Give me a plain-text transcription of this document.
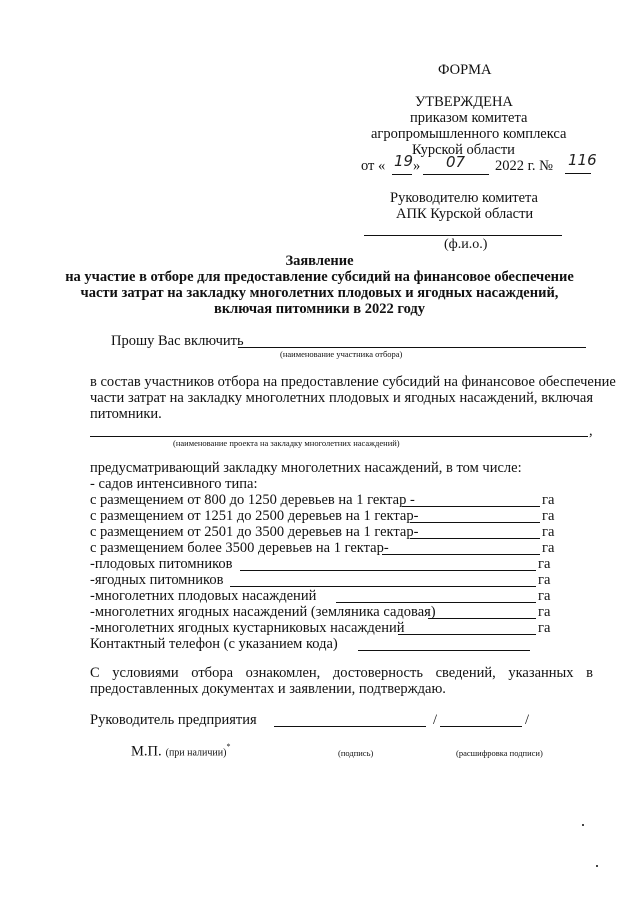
ФОРМА
УТВЕРЖДЕНА
приказом комитета
агропромышленного комплекса
Курской области
от « 19 » 07 2022 г. № 116
Руководителю комитета
АПК Курской области
(ф.и.о.)
Заявление
на участие в отборе для предоставление субсидий на финансовое обеспечение
части затрат на закладку многолетних плодовых и ягодных насаждений,
включая питомники в 2022 году
Прошу Вас включить
(наименование участника отбора)
в состав участников отбора на предоставление субсидий на финансовое обеспечение
части затрат на закладку многолетних плодовых и ягодных насаждений, включая
питомники.
,
(наименование проекта на закладку многолетних насаждений)
предусматривающий закладку многолетних насаждений, в том числе:
- садов интенсивного типа:
с размещением от 800 до 1250 деревьев на 1 гектар -	га
с размещением от 1251 до 2500 деревьев на 1 гектар-	га
с размещением от 2501 до 3500 деревьев на 1 гектар-	га
с размещением более 3500 деревьев на 1 гектар-	га
-плодовых питомников	га
-ягодных питомников	га
-многолетних плодовых насаждений	га
-многолетних ягодных насаждений (земляника садовая)	га
-многолетних ягодных кустарниковых насаждений	га
Контактный телефон (с указанием кода)
С условиями отбора ознакомлен, достоверность сведений, указанных в
предоставленных документах и заявлении, подтверждаю.
Руководитель предприятия	/	/
М.П. (при наличии)*
(подпись)	(расшифровка подписи)
